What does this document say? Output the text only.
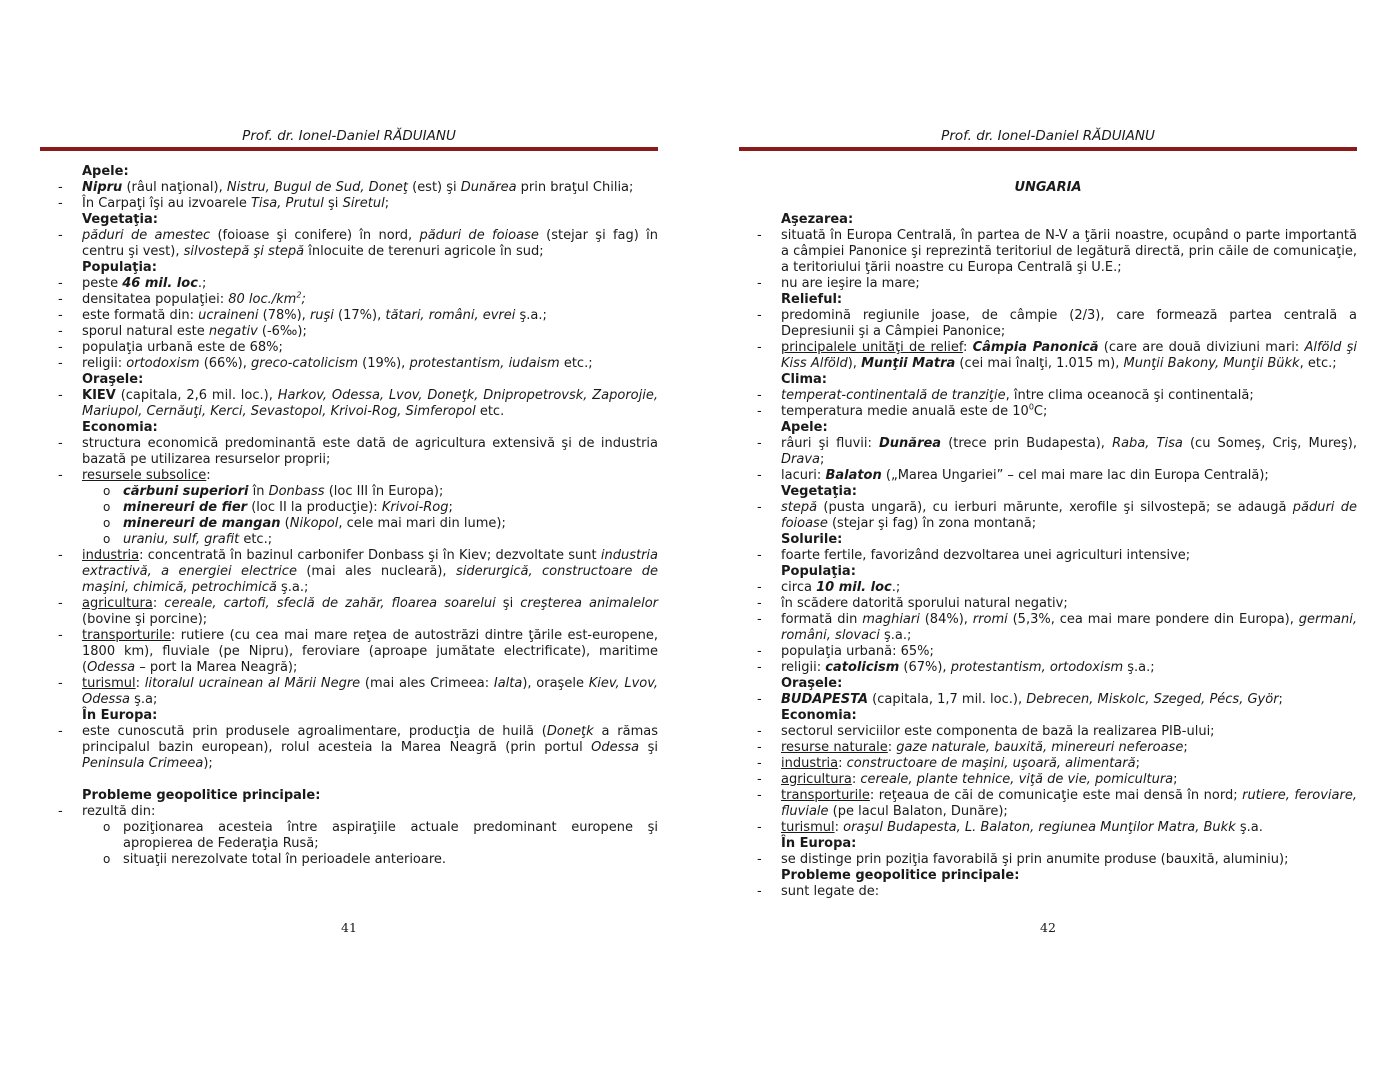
Prof. dr. Ionel-Daniel RĂDUIANU
Apele:
- Nipru (râul naţional), Nistru, Bugul de Sud, Doneţ (est) şi Dunărea prin braţul Chilia;
- În Carpaţi îşi au izvoarele Tisa, Prutul şi Siretul;
Vegetaţia:
- păduri de amestec (foioase şi conifere) în nord, păduri de foioase (stejar şi fag) în centru şi vest), silvostepă şi stepă înlocuite de terenuri agricole în sud;
Populaţia:
- peste 46 mil. loc.;
- densitatea populaţiei: 80 $loc./km^2$;
- este formată din: ucraineni (78%), ruşi (17%), tătari, români, evrei ş.a.;
- sporul natural este negativ (-6‰);
- populaţia urbană este de 68%;
- religii: ortodoxism (66%), greco-catolicism (19%), protestantism, iudaism etc.;
Oraşele:
- KIEV (capitala, 2,6 mil. loc.), Harkov, Odessa, Lvov, Doneţk, Dnipropetrovsk, Zaporojie, Mariupol, Cernăuţi, Kerci, Sevastopol, Krivoi-Rog, Simferopol etc.
Economia:
- structura economică predominantă este dată de agricultura extensivă şi de industria bazată pe utilizarea resurselor proprii;
- resursele subsolice:
o cărbuni superiori în Donbass (loc III în Europa);
o minereuri de fier (loc II la producţie): Krivoi-Rog;
o minereuri de mangan (Nikopol, cele mai mari din lume);
o uraniu, sulf, grafit etc.;
- industria: concentrată în bazinul carbonifer Donbass şi în Kiev; dezvoltate sunt industria extractivă, a energiei electrice (mai ales nucleară), siderurgică, constructoare de maşini, chimică, petrochimică ş.a.;
- agricultura: cereale, cartofi, sfeclă de zahăr, floarea soarelui şi creşterea animalelor (bovine şi porcine);
- transporturile: rutiere (cu cea mai mare reţea de autostrăzi dintre ţările est-europene, 1800 km), fluviale (pe Nipru), feroviare (aproape jumătate electrificate), maritime (Odessa – port la Marea Neagră);
- turismul: litoralul ucrainean al Mării Negre (mai ales Crimeea: Ialta), oraşele Kiev, Lvov, Odessa ş.a;
În Europa:
- este cunoscută prin produsele agroalimentare, producţia de huilă (Doneţk a rămas principalul bazin european), rolul acesteia la Marea Neagră (prin portul Odessa şi Peninsula Crimeea);
Probleme geopolitice principale:
- rezultă din:
o poziţionarea acesteia între aspiraţiile actuale predominant europene şi apropierea de Federaţia Rusă;
o situaţii nerezolvate total în perioadele anterioare.
41
Prof. dr. Ionel-Daniel RĂDUIANU
UNGARIA
Aşezarea:
- situată în Europa Centrală, în partea de N-V a ţării noastre, ocupând o parte importantă a câmpiei Panonice şi reprezintă teritoriul de legătură directă, prin căile de comunicaţie, a teritoriului ţării noastre cu Europa Centrală şi U.E.;
- nu are ieşire la mare;
Relieful:
- predomină regiunile joase, de câmpie (2/3), care formează partea centrală a Depresiunii şi a Câmpiei Panonice;
- principalele unităţi de relief: Câmpia Panonică (care are două diviziuni mari: Alföld şi Kiss Alföld), Munţii Matra (cei mai înalţi, 1.015 m), Munţii Bakony, Munţii Bükk, etc.;
Clima:
- temperat-continentală de tranziţie, între clima oceanocă şi continentală;
- temperatura medie anuală este de $10^0C$;
Apele:
- râuri şi fluvii: Dunărea (trece prin Budapesta), Raba, Tisa (cu Someş, Criş, Mureş), Drava;
- lacuri: Balaton („Marea Ungariei” – cel mai mare lac din Europa Centrală);
Vegetaţia:
- stepă (pusta ungară), cu ierburi mărunte, xerofile şi silvostepă; se adaugă păduri de foioase (stejar şi fag) în zona montană;
Solurile:
- foarte fertile, favorizând dezvoltarea unei agriculturi intensive;
Populaţia:
- circa 10 mil. loc.;
- în scădere datorită sporului natural negativ;
- formată din maghiari (84%), rromi (5,3%, cea mai mare pondere din Europa), germani, români, slovaci ş.a.;
- populaţia urbană: 65%;
- religii: catolicism (67%), protestantism, ortodoxism ş.a.;
Oraşele:
- BUDAPESTA (capitala, 1,7 mil. loc.), Debrecen, Miskolc, Szeged, Pécs, Györ;
Economia:
- sectorul serviciilor este componenta de bază la realizarea PIB-ului;
- resurse naturale: gaze naturale, bauxită, minereuri neferoase;
- industria: constructoare de maşini, uşoară, alimentară;
- agricultura: cereale, plante tehnice, viţă de vie, pomicultura;
- transporturile: reţeaua de căi de comunicaţie este mai densă în nord; rutiere, feroviare, fluviale (pe lacul Balaton, Dunăre);
- turismul: oraşul Budapesta, L. Balaton, regiunea Munţilor Matra, Bukk ş.a.
În Europa:
- se distinge prin poziţia favorabilă şi prin anumite produse (bauxită, aluminiu);
Probleme geopolitice principale:
- sunt legate de:
42
